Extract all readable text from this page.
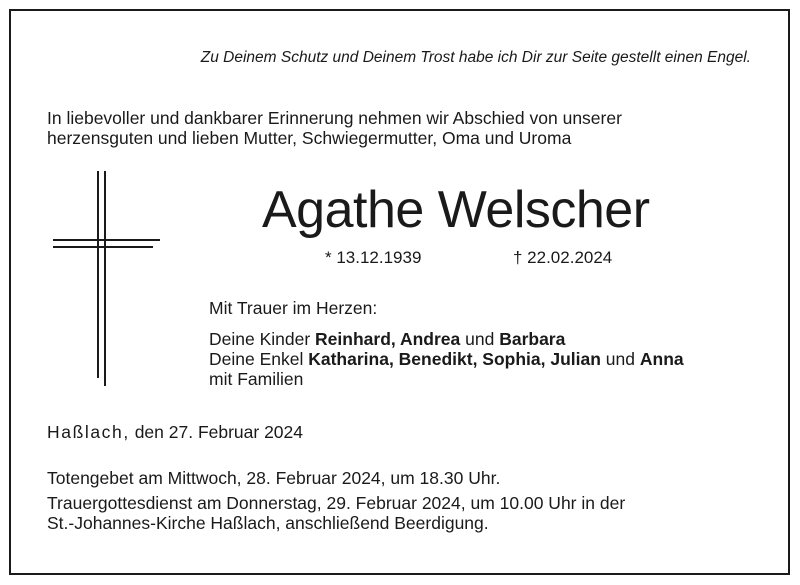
Zu Deinem Schutz und Deinem Trost habe ich Dir zur Seite gestellt einen Engel.
In liebevoller und dankbarer Erinnerung nehmen wir Abschied von unserer
herzensguten und lieben Mutter, Schwiegermutter, Oma und Uroma
Agathe Welscher
* 13.12.1939	† 22.02.2024
Mit Trauer im Herzen:
Deine Kinder Reinhard, Andrea und Barbara
Deine Enkel Katharina, Benedikt, Sophia, Julian und Anna
mit Familien
Haßlach, den 27. Februar 2024
Totengebet am Mittwoch, 28. Februar 2024, um 18.30 Uhr.
Trauergottesdienst am Donnerstag, 29. Februar 2024, um 10.00 Uhr in der
St.-Johannes-Kirche Haßlach, anschließend Beerdigung.
